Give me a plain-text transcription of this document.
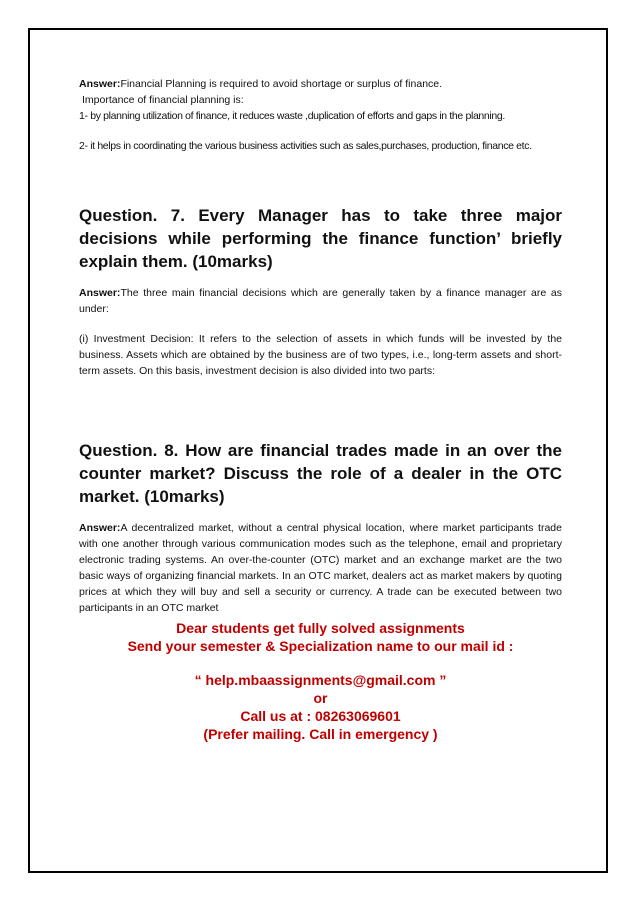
Answer:Financial Planning is required to avoid shortage or surplus of finance.

Importance of financial planning is:

1- by planning utilization of finance, it reduces waste ,duplication of efforts and gaps in the planning.

2- it helps in coordinating the various business activities such as sales,purchases, production, finance etc.

Question. 7. Every Manager has to take three major decisions while performing the finance function’ briefly explain them. (10marks)

Answer:The three main financial decisions which are generally taken by a finance manager are as under:

(i) Investment Decision: It refers to the selection of assets in which funds will be invested by the business. Assets which are obtained by the business are of two types, i.e., long-term assets and short-term assets. On this basis, investment decision is also divided into two parts:

Question. 8. How are financial trades made in an over the counter market? Discuss the role of a dealer in the OTC market. (10marks)

Answer:A decentralized market, without a central physical location, where market participants trade with one another through various communication modes such as the telephone, email and proprietary electronic trading systems. An over-the-counter (OTC) market and an exchange market are the two basic ways of organizing financial markets. In an OTC market, dealers act as market makers by quoting prices at which they will buy and sell a security or currency. A trade can be executed between two participants in an OTC market

Dear students get fully solved assignments

Send your semester & Specialization name to our mail id :

“ help.mbaassignments@gmail.com ”

or

Call us at : 08263069601

(Prefer mailing. Call in emergency )
